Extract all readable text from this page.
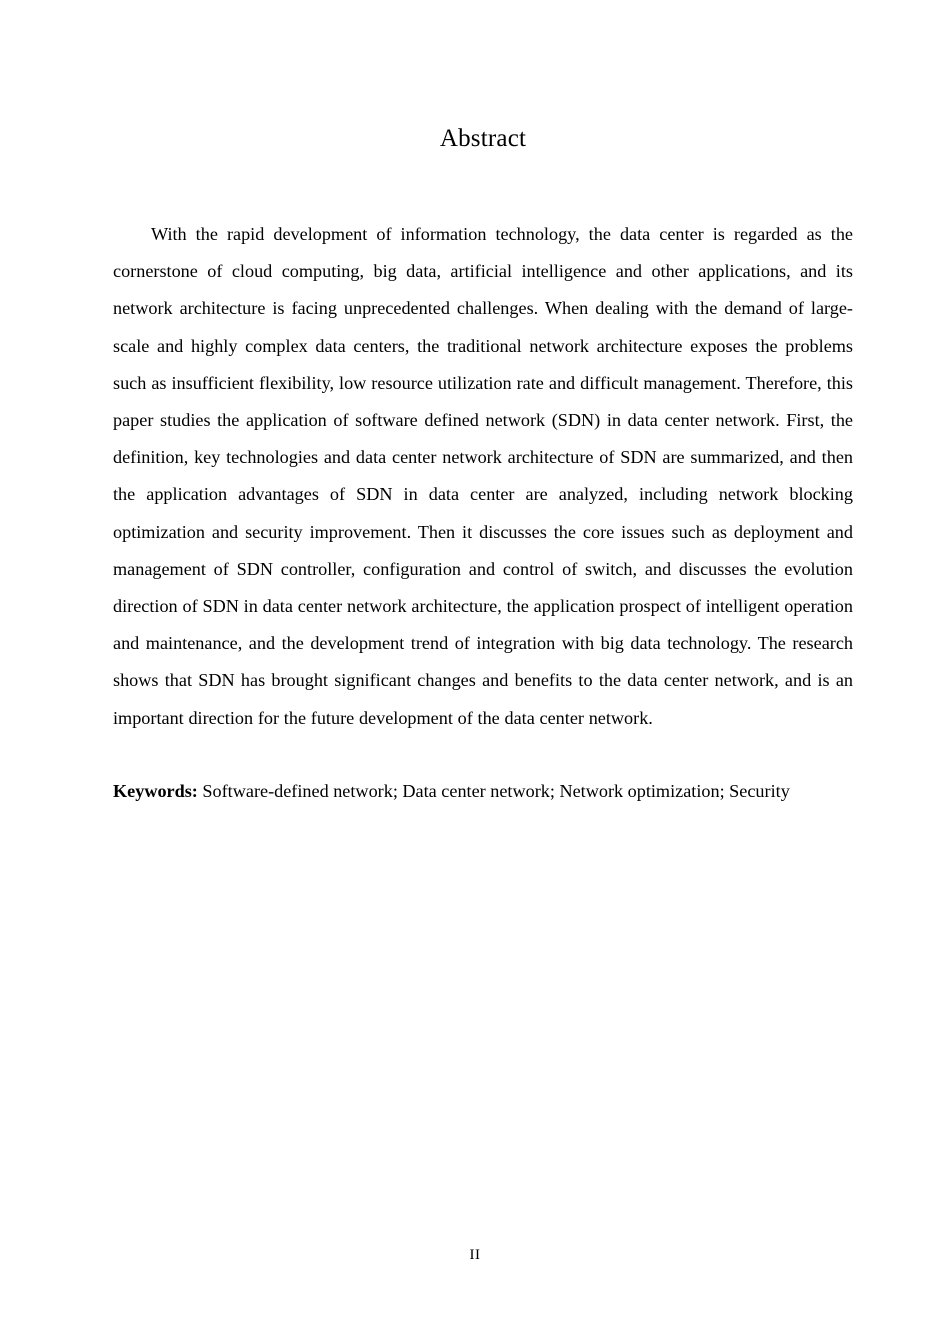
Abstract

With the rapid development of information technology, the data center is regarded as the cornerstone of cloud computing, big data, artificial intelligence and other applications, and its network architecture is facing unprecedented challenges. When dealing with the demand of large-scale and highly complex data centers, the traditional network architecture exposes the problems such as insufficient flexibility, low resource utilization rate and difficult management. Therefore, this paper studies the application of software defined network (SDN) in data center network. First, the definition, key technologies and data center network architecture of SDN are summarized, and then the application advantages of SDN in data center are analyzed, including network blocking optimization and security improvement. Then it discusses the core issues such as deployment and management of SDN controller, configuration and control of switch, and discusses the evolution direction of SDN in data center network architecture, the application prospect of intelligent operation and maintenance, and the development trend of integration with big data technology. The research shows that SDN has brought significant changes and benefits to the data center network, and is an important direction for the future development of the data center network.

Keywords: Software-defined network; Data center network; Network optimization; Security

II
